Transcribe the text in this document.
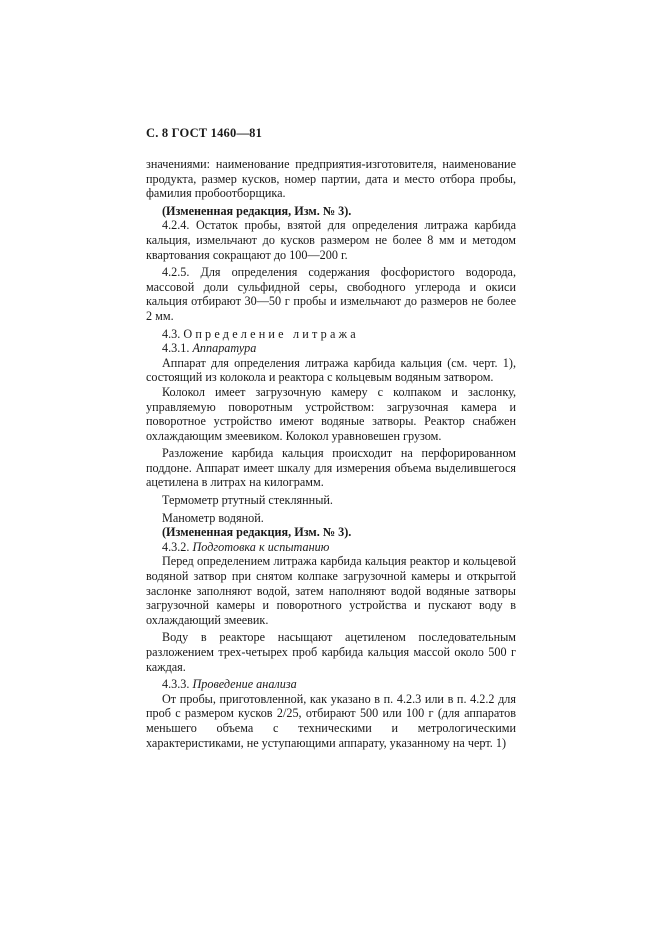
С. 8 ГОСТ 1460—81

значениями: наименование предприятия-изготовителя, наименование продукта, размер кусков, номер партии, дата и место отбора пробы, фамилия пробоотборщика.

(Измененная редакция, Изм. № 3).

4.2.4. Остаток пробы, взятой для определения литража карбида кальция, измельчают до кусков размером не более 8 мм и методом квартования сокращают до 100—200 г.

4.2.5. Для определения содержания фосфористого водорода, массовой доли сульфидной серы, свободного углерода и окиси кальция отбирают 30—50 г пробы и измельчают до размеров не более 2 мм.

4.3. Определение литража

4.3.1. Аппаратура

Аппарат для определения литража карбида кальция (см. черт. 1), состоящий из колокола и реактора с кольцевым водяным затвором.

Колокол имеет загрузочную камеру с колпаком и заслонку, управляемую поворотным устройством: загрузочная камера и поворотное устройство имеют водяные затворы. Реактор снабжен охлаждающим змеевиком. Колокол уравновешен грузом.

Разложение карбида кальция происходит на перфорированном поддоне. Аппарат имеет шкалу для измерения объема выделившегося ацетилена в литрах на килограмм.

Термометр ртутный стеклянный.

Манометр водяной.

(Измененная редакция, Изм. № 3).

4.3.2. Подготовка к испытанию

Перед определением литража карбида кальция реактор и кольцевой водяной затвор при снятом колпаке загрузочной камеры и открытой заслонке заполняют водой, затем наполняют водой водяные затворы загрузочной камеры и поворотного устройства и пускают воду в охлаждающий змеевик.

Воду в реакторе насыщают ацетиленом последовательным разложением трех-четырех проб карбида кальция массой около 500 г каждая.

4.3.3. Проведение анализа

От пробы, приготовленной, как указано в п. 4.2.3 или в п. 4.2.2 для проб с размером кусков 2/25, отбирают 500 или 100 г (для аппаратов меньшего объема с техническими и метрологическими характеристиками, не уступающими аппарату, указанному на черт. 1)
